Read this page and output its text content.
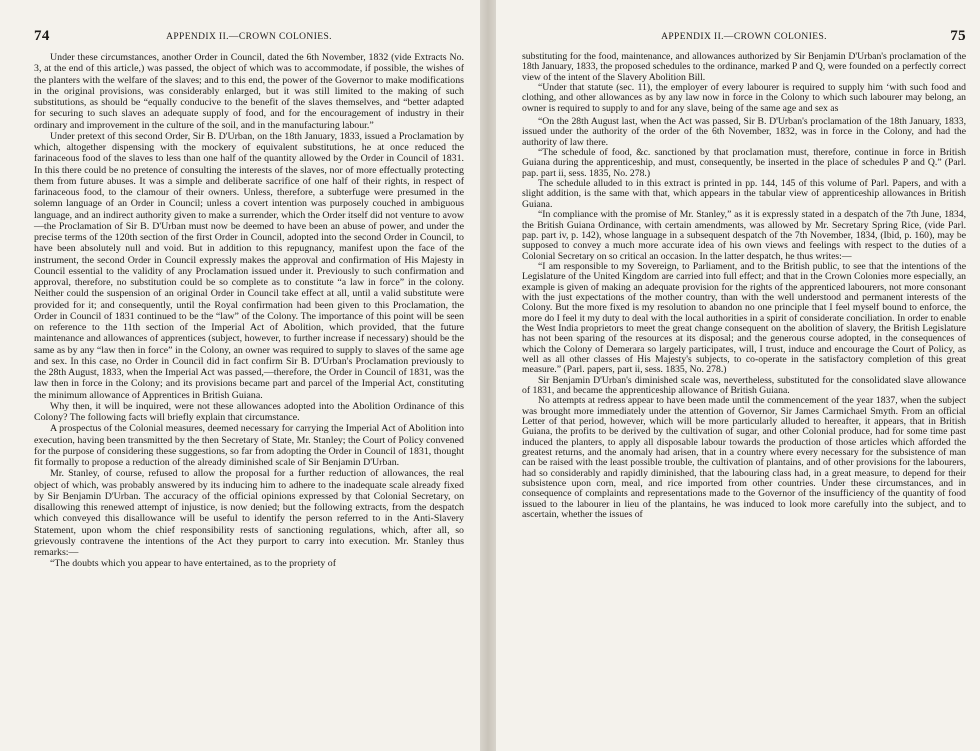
74	APPENDIX II.—CROWN COLONIES.

Under these circumstances, another Order in Council, dated the 6th November, 1832 (vide Extracts No. 3, at the end of this article,) was passed, the object of which was to accommodate, if possible, the wishes of the planters with the welfare of the slaves; and to this end, the power of the Governor to make modifications in the original provisions, was considerably enlarged, but it was still limited to the making of such substitutions, as should be “equally conducive to the benefit of the slaves themselves, and “better adapted for securing to such slaves an adequate supply of food, and for the encouragement of industry in their ordinary and improvement in the culture of the soil, and in the manufacturing labour.”

Under pretext of this second Order, Sir B. D'Urban, on the 18th January, 1833, issued a Proclamation by which, altogether dispensing with the mockery of equivalent substitutions, he at once reduced the farinaceous food of the slaves to less than one half of the quantity allowed by the Order in Council of 1831. In this there could be no pretence of consulting the interests of the slaves, nor of more effectually protecting them from future abuses. It was a simple and deliberate sacrifice of one half of their rights, in respect of farinaceous food, to the clamour of their owners. Unless, therefore, a subterfuge were presumed in the solemn language of an Order in Council; unless a covert intention was purposely couched in ambiguous language, and an indirect authority given to make a surrender, which the Order itself did not venture to avow—the Proclamation of Sir B. D'Urban must now be deemed to have been an abuse of power, and under the precise terms of the 120th section of the first Order in Council, adopted into the second Order in Council, to have been absolutely null and void. But in addition to this repugnancy, manifest upon the face of the instrument, the second Order in Council expressly makes the approval and confirmation of His Majesty in Council essential to the validity of any Proclamation issued under it. Previously to such confirmation and approval, therefore, no substitution could be so complete as to constitute “a law in force” in the colony. Neither could the suspension of an original Order in Council take effect at all, until a valid substitute were provided for it; and consequently, until the Royal confirmation had been given to this Proclamation, the Order in Council of 1831 continued to be the “law” of the Colony. The importance of this point will be seen on reference to the 11th section of the Imperial Act of Abolition, which provided, that the future maintenance and allowances of apprentices (subject, however, to further increase if necessary) should be the same as by any “law then in force” in the Colony, an owner was required to supply to slaves of the same age and sex. In this case, no Order in Council did in fact confirm Sir B. D'Urban's Proclamation previously to the 28th August, 1833, when the Imperial Act was passed,—therefore, the Order in Council of 1831, was the law then in force in the Colony; and its provisions became part and parcel of the Imperial Act, constituting the minimum allowance of Apprentices in British Guiana.

Why then, it will be inquired, were not these allowances adopted into the Abolition Ordinance of this Colony? The following facts will briefly explain that circumstance.

A prospectus of the Colonial measures, deemed necessary for carrying the Imperial Act of Abolition into execution, having been transmitted by the then Secretary of State, Mr. Stanley; the Court of Policy convened for the purpose of considering these suggestions, so far from adopting the Order in Council of 1831, thought fit formally to propose a reduction of the already diminished scale of Sir Benjamin D'Urban.

Mr. Stanley, of course, refused to allow the proposal for a further reduction of allowances, the real object of which, was probably answered by its inducing him to adhere to the inadequate scale already fixed by Sir Benjamin D'Urban. The accuracy of the official opinions expressed by that Colonial Secretary, on disallowing this renewed attempt of injustice, is now denied; but the following extracts, from the despatch which conveyed this disallowance will be useful to identify the person referred to in the Anti-Slavery Statement, upon whom the chief responsibility rests of sanctioning regulations, which, after all, so grievously contravene the intentions of the Act they purport to carry into execution. Mr. Stanley thus remarks:—

“The doubts which you appear to have entertained, as to the propriety of

APPENDIX II.—CROWN COLONIES.	75

substituting for the food, maintenance, and allowances authorized by Sir Benjamin D'Urban's proclamation of the 18th January, 1833, the proposed schedules to the ordinance, marked P and Q, were founded on a perfectly correct view of the intent of the Slavery Abolition Bill.

“Under that statute (sec. 11), the employer of every labourer is required to supply him ‘with such food and clothing, and other allowances as by any law now in force in the Colony to which such labourer may belong, an owner is required to supply to and for any slave, being of the same age and sex as

“On the 28th August last, when the Act was passed, Sir B. D'Urban's proclamation of the 18th January, 1833, issued under the authority of the order of the 6th November, 1832, was in force in the Colony, and had the authority of law there.

“The schedule of food, &c. sanctioned by that proclamation must, therefore, continue in force in British Guiana during the apprenticeship, and must, consequently, be inserted in the place of schedules P and Q.” (Parl. pap. part ii, sess. 1835, No. 278.)

The schedule alluded to in this extract is printed in pp. 144, 145 of this volume of Parl. Papers, and with a slight addition, is the same with that, which appears in the tabular view of apprenticeship allowances in British Guiana.

“In compliance with the promise of Mr. Stanley,” as it is expressly stated in a despatch of the 7th June, 1834, the British Guiana Ordinance, with certain amendments, was allowed by Mr. Secretary Spring Rice, (vide Parl. pap. part iv, p. 142), whose language in a subsequent despatch of the 7th November, 1834, (Ibid, p. 160), may be supposed to convey a much more accurate idea of his own views and feelings with respect to the duties of a Colonial Secretary on so critical an occasion. In the latter despatch, he thus writes:—

“I am responsible to my Sovereign, to Parliament, and to the British public, to see that the intentions of the Legislature of the United Kingdom are carried into full effect; and that in the Crown Colonies more especially, an example is given of making an adequate provision for the rights of the apprenticed labourers, not more consonant with the just expectations of the mother country, than with the well understood and permanent interests of the Colony. But the more fixed is my resolution to abandon no one principle that I feel myself bound to enforce, the more do I feel it my duty to deal with the local authorities in a spirit of considerate conciliation. In order to enable the West India proprietors to meet the great change consequent on the abolition of slavery, the British Legislature has not been sparing of the resources at its disposal; and the generous course adopted, in the consequences of which the Colony of Demerara so largely participates, will, I trust, induce and encourage the Court of Policy, as well as all other classes of His Majesty's subjects, to co-operate in the satisfactory completion of this great measure.” (Parl. papers, part ii, sess. 1835, No. 278.)

Sir Benjamin D'Urban's diminished scale was, nevertheless, substituted for the consolidated slave allowance of 1831, and became the apprenticeship allowance of British Guiana.

No attempts at redress appear to have been made until the commencement of the year 1837, when the subject was brought more immediately under the attention of Governor, Sir James Carmichael Smyth. From an official Letter of that period, however, which will be more particularly alluded to hereafter, it appears, that in British Guiana, the profits to be derived by the cultivation of sugar, and other Colonial produce, had for some time past induced the planters, to apply all disposable labour towards the production of those articles which afforded the greatest returns, and the anomaly had arisen, that in a country where every necessary for the subsistence of man can be raised with the least possible trouble, the cultivation of plantains, and of other provisions for the labourers, had so considerably and rapidly diminished, that the labouring class had, in a great measure, to depend for their subsistence upon corn, meal, and rice imported from other countries. Under these circumstances, and in consequence of complaints and representations made to the Governor of the insufficiency of the quantity of food issued to the labourer in lieu of the plantains, he was induced to look more carefully into the subject, and to ascertain, whether the issues of
